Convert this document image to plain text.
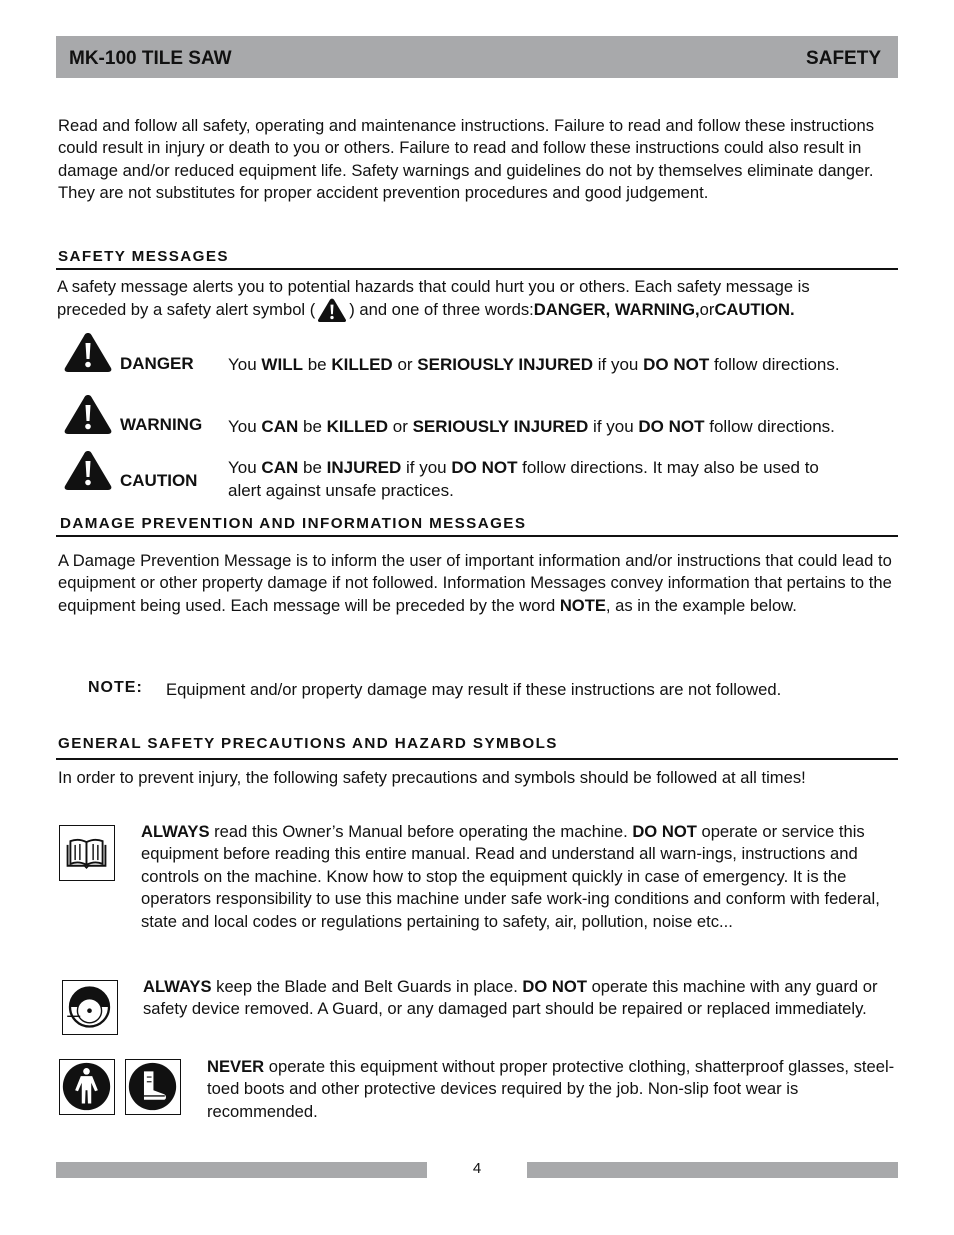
MK-100 TILE SAW	SAFETY
Read and follow all safety, operating and maintenance instructions. Failure to read and follow these instructions could result in injury or death to you or others. Failure to read and follow these instructions could also result in damage and/or reduced equipment life. Safety warnings and guidelines do not by themselves eliminate danger. They are not substitutes for proper accident prevention procedures and good judgement.
SAFETY MESSAGES
A safety message alerts you to potential hazards that could hurt you or others. Each safety message is
preceded by a safety alert symbol ( ) and one of three words: DANGER, WARNING, or CAUTION.
DANGER You WILL be KILLED or SERIOUSLY INJURED if you DO NOT follow directions.
WARNING You CAN be KILLED or SERIOUSLY INJURED if you DO NOT follow directions.
CAUTION
You CAN be INJURED if you DO NOT follow directions. It may also be used to
alert against unsafe practices.
DAMAGE PREVENTION AND INFORMATION MESSAGES
A Damage Prevention Message is to inform the user of important information and/or instructions that could lead to equipment or other property damage if not followed. Information Messages convey information that pertains to the equipment being used. Each message will be preceded by the word NOTE, as in the example below.
NOTE: Equipment and/or property damage may result if these instructions are not followed.
GENERAL SAFETY PRECAUTIONS AND HAZARD SYMBOLS
In order to prevent injury, the following safety precautions and symbols should be followed at all times!
ALWAYS read this Owner’s Manual before operating the machine. DO NOT operate or service this equipment before reading this entire manual. Read and understand all warn-ings, instructions and controls on the machine. Know how to stop the equipment quickly in case of emergency. It is the operators responsibility to use this machine under safe work-ing conditions and conform with federal, state and local codes or regulations pertaining to safety, air, pollution, noise etc...
ALWAYS keep the Blade and Belt Guards in place. DO NOT operate this machine with any guard or safety device removed. A Guard, or any damaged part should be repaired or replaced immediately.
NEVER operate this equipment without proper protective clothing, shatterproof glasses, steel-toed boots and other protective devices required by the job. Non-slip foot wear is recommended.
4
